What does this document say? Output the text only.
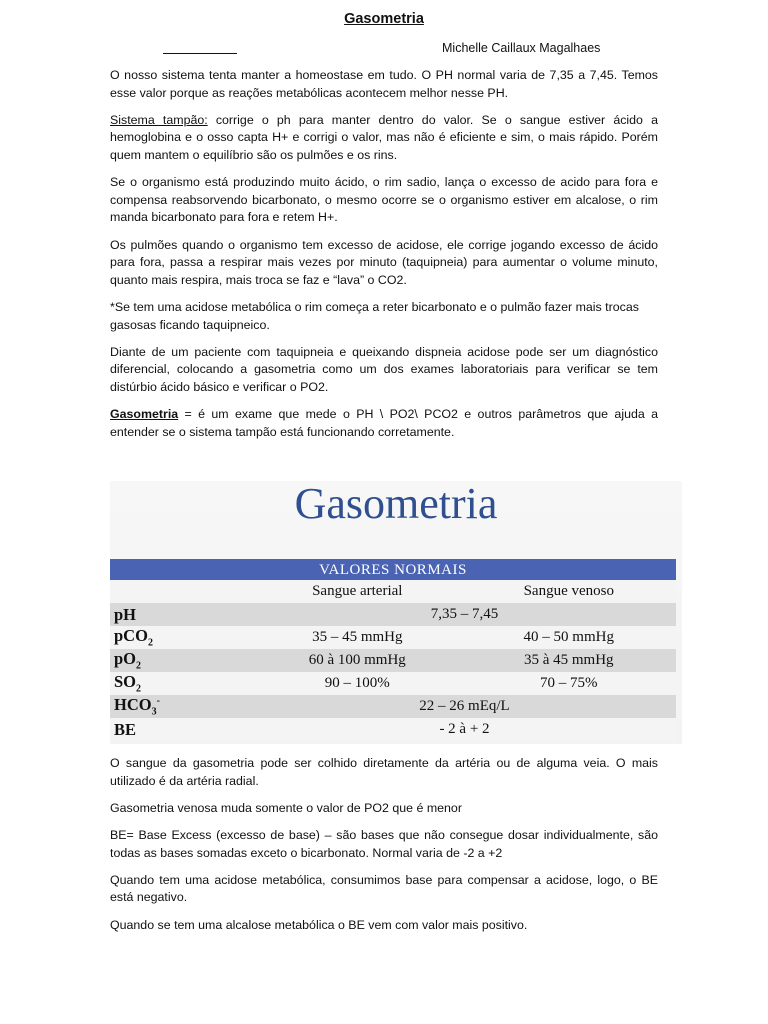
Gasometria
Michelle Caillaux Magalhaes

O nosso sistema tenta manter a homeostase em tudo. O PH normal varia de 7,35 a 7,45. Temos esse valor porque as reações metabólicas acontecem melhor nesse PH.

Sistema tampão: corrige o ph para manter dentro do valor. Se o sangue estiver ácido a hemoglobina e o osso capta H+ e corrigi o valor, mas não é eficiente e sim, o mais rápido. Porém quem mantem o equilíbrio são os pulmões e os rins.

Se o organismo está produzindo muito ácido, o rim sadio, lança o excesso de acido para fora e compensa reabsorvendo bicarbonato, o mesmo ocorre se o organismo estiver em alcalose, o rim manda bicarbonato para fora e retem H+.

Os pulmões quando o organismo tem excesso de acidose, ele corrige jogando excesso de ácido para fora, passa a respirar mais vezes por minuto (taquipneia) para aumentar o volume minuto, quanto mais respira, mais troca se faz e “lava” o CO2.

*Se tem uma acidose metabólica o rim começa a reter bicarbonato e o pulmão fazer mais trocas gasosas ficando taquipneico.

Diante de um paciente com taquipneia e queixando dispneia acidose pode ser um diagnóstico diferencial, colocando a gasometria como um dos exames laboratoriais para verificar se tem distúrbio ácido básico e verificar o PO2.

Gasometria = é um exame que mede o PH \ PO2\ PCO2 e outros parâmetros que ajuda a entender se o sistema tampão está funcionando corretamente.

Gasometria
VALORES NORMAIS
Sangue arterial	Sangue venoso
pH	7,35 – 7,45
pCO$_2$	35 – 45 mmHg	40 – 50 mmHg
$pO_2$	60 à 100 mmHg	35 à 45 mmHg
$SO_2$	90 – 100%	70 – 75%
$HCO_3^-$	22 – 26 mEq/L
BE	- 2 à + 2

O sangue da gasometria pode ser colhido diretamente da artéria ou de alguma veia. O mais utilizado é da artéria radial.

Gasometria venosa muda somente o valor de PO2 que é menor

BE= Base Excess (excesso de base) – são bases que não consegue dosar individualmente, são todas as bases somadas exceto o bicarbonato. Normal varia de -2 a +2

Quando tem uma acidose metabólica, consumimos base para compensar a acidose, logo, o BE está negativo.

Quando se tem uma alcalose metabólica o BE vem com valor mais positivo.
